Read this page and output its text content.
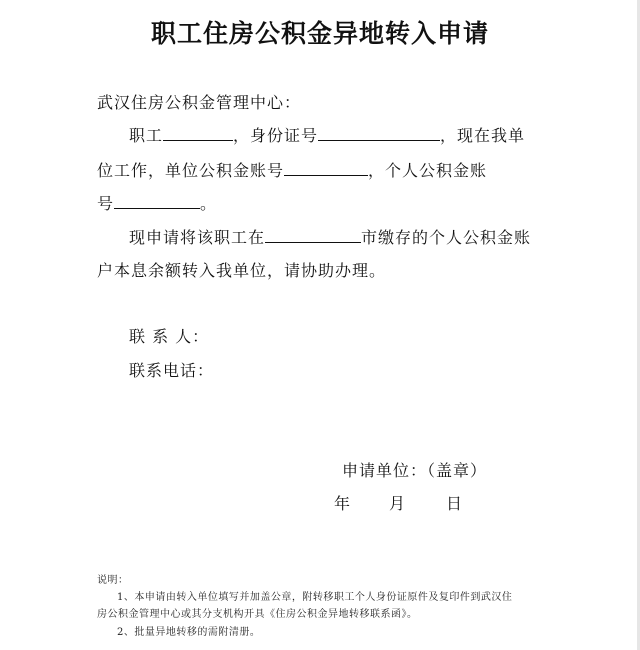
职工住房公积金异地转入申请
武汉住房公积金管理中心：
职工	，身份证号	，现在我单
位工作，单位公积金账号	，个人公积金账
号	。
现申请将该职工在	市缴存的个人公积金账
户本息余额转入我单位，请协助办理。
联 系 人：
联系电话：
申请单位：（盖章）
年 月	日
说明：
1、本申请由转入单位填写并加盖公章，附转移职工个人身份证原件及复印件到武汉住
房公积金管理中心或其分支机构开具《住房公积金异地转移联系函》。
2、批量异地转移的需附清册。
